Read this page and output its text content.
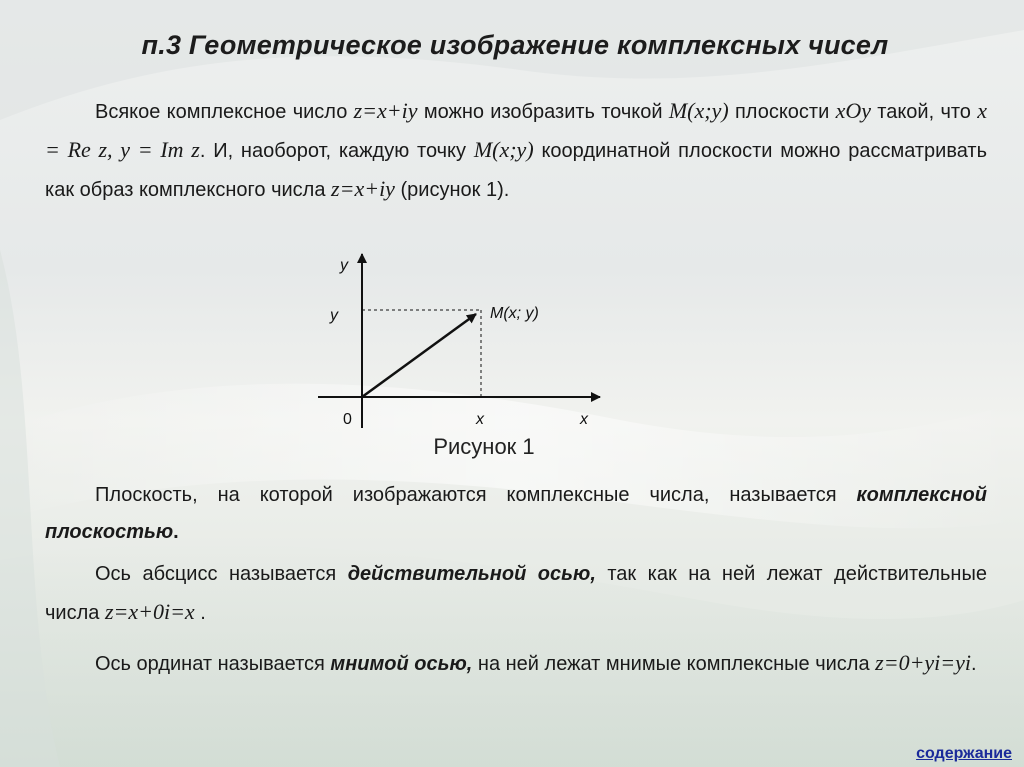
п.3 Геометрическое изображение комплексных чисел
Всякое комплексное число z=x+iy можно изобразить точкой M(x;y) плоскости xOy такой, что x = Re z, y = Im z. И, наоборот, каждую точку M(x;y) координатной плоскости можно рассматривать как образ комплексного числа z=x+iy (рисунок 1).
y
y	M(x; y)
0	x	x
Рисунок 1
Плоскость, на которой изображаются комплексные числа, называется комплексной плоскостью.
Ось абсцисс называется действительной осью, так как на ней лежат действительные числа z=x+0i=x .
Ось ординат называется мнимой осью, на ней лежат мнимые комплексные числа z=0+yi=yi.
содержание
